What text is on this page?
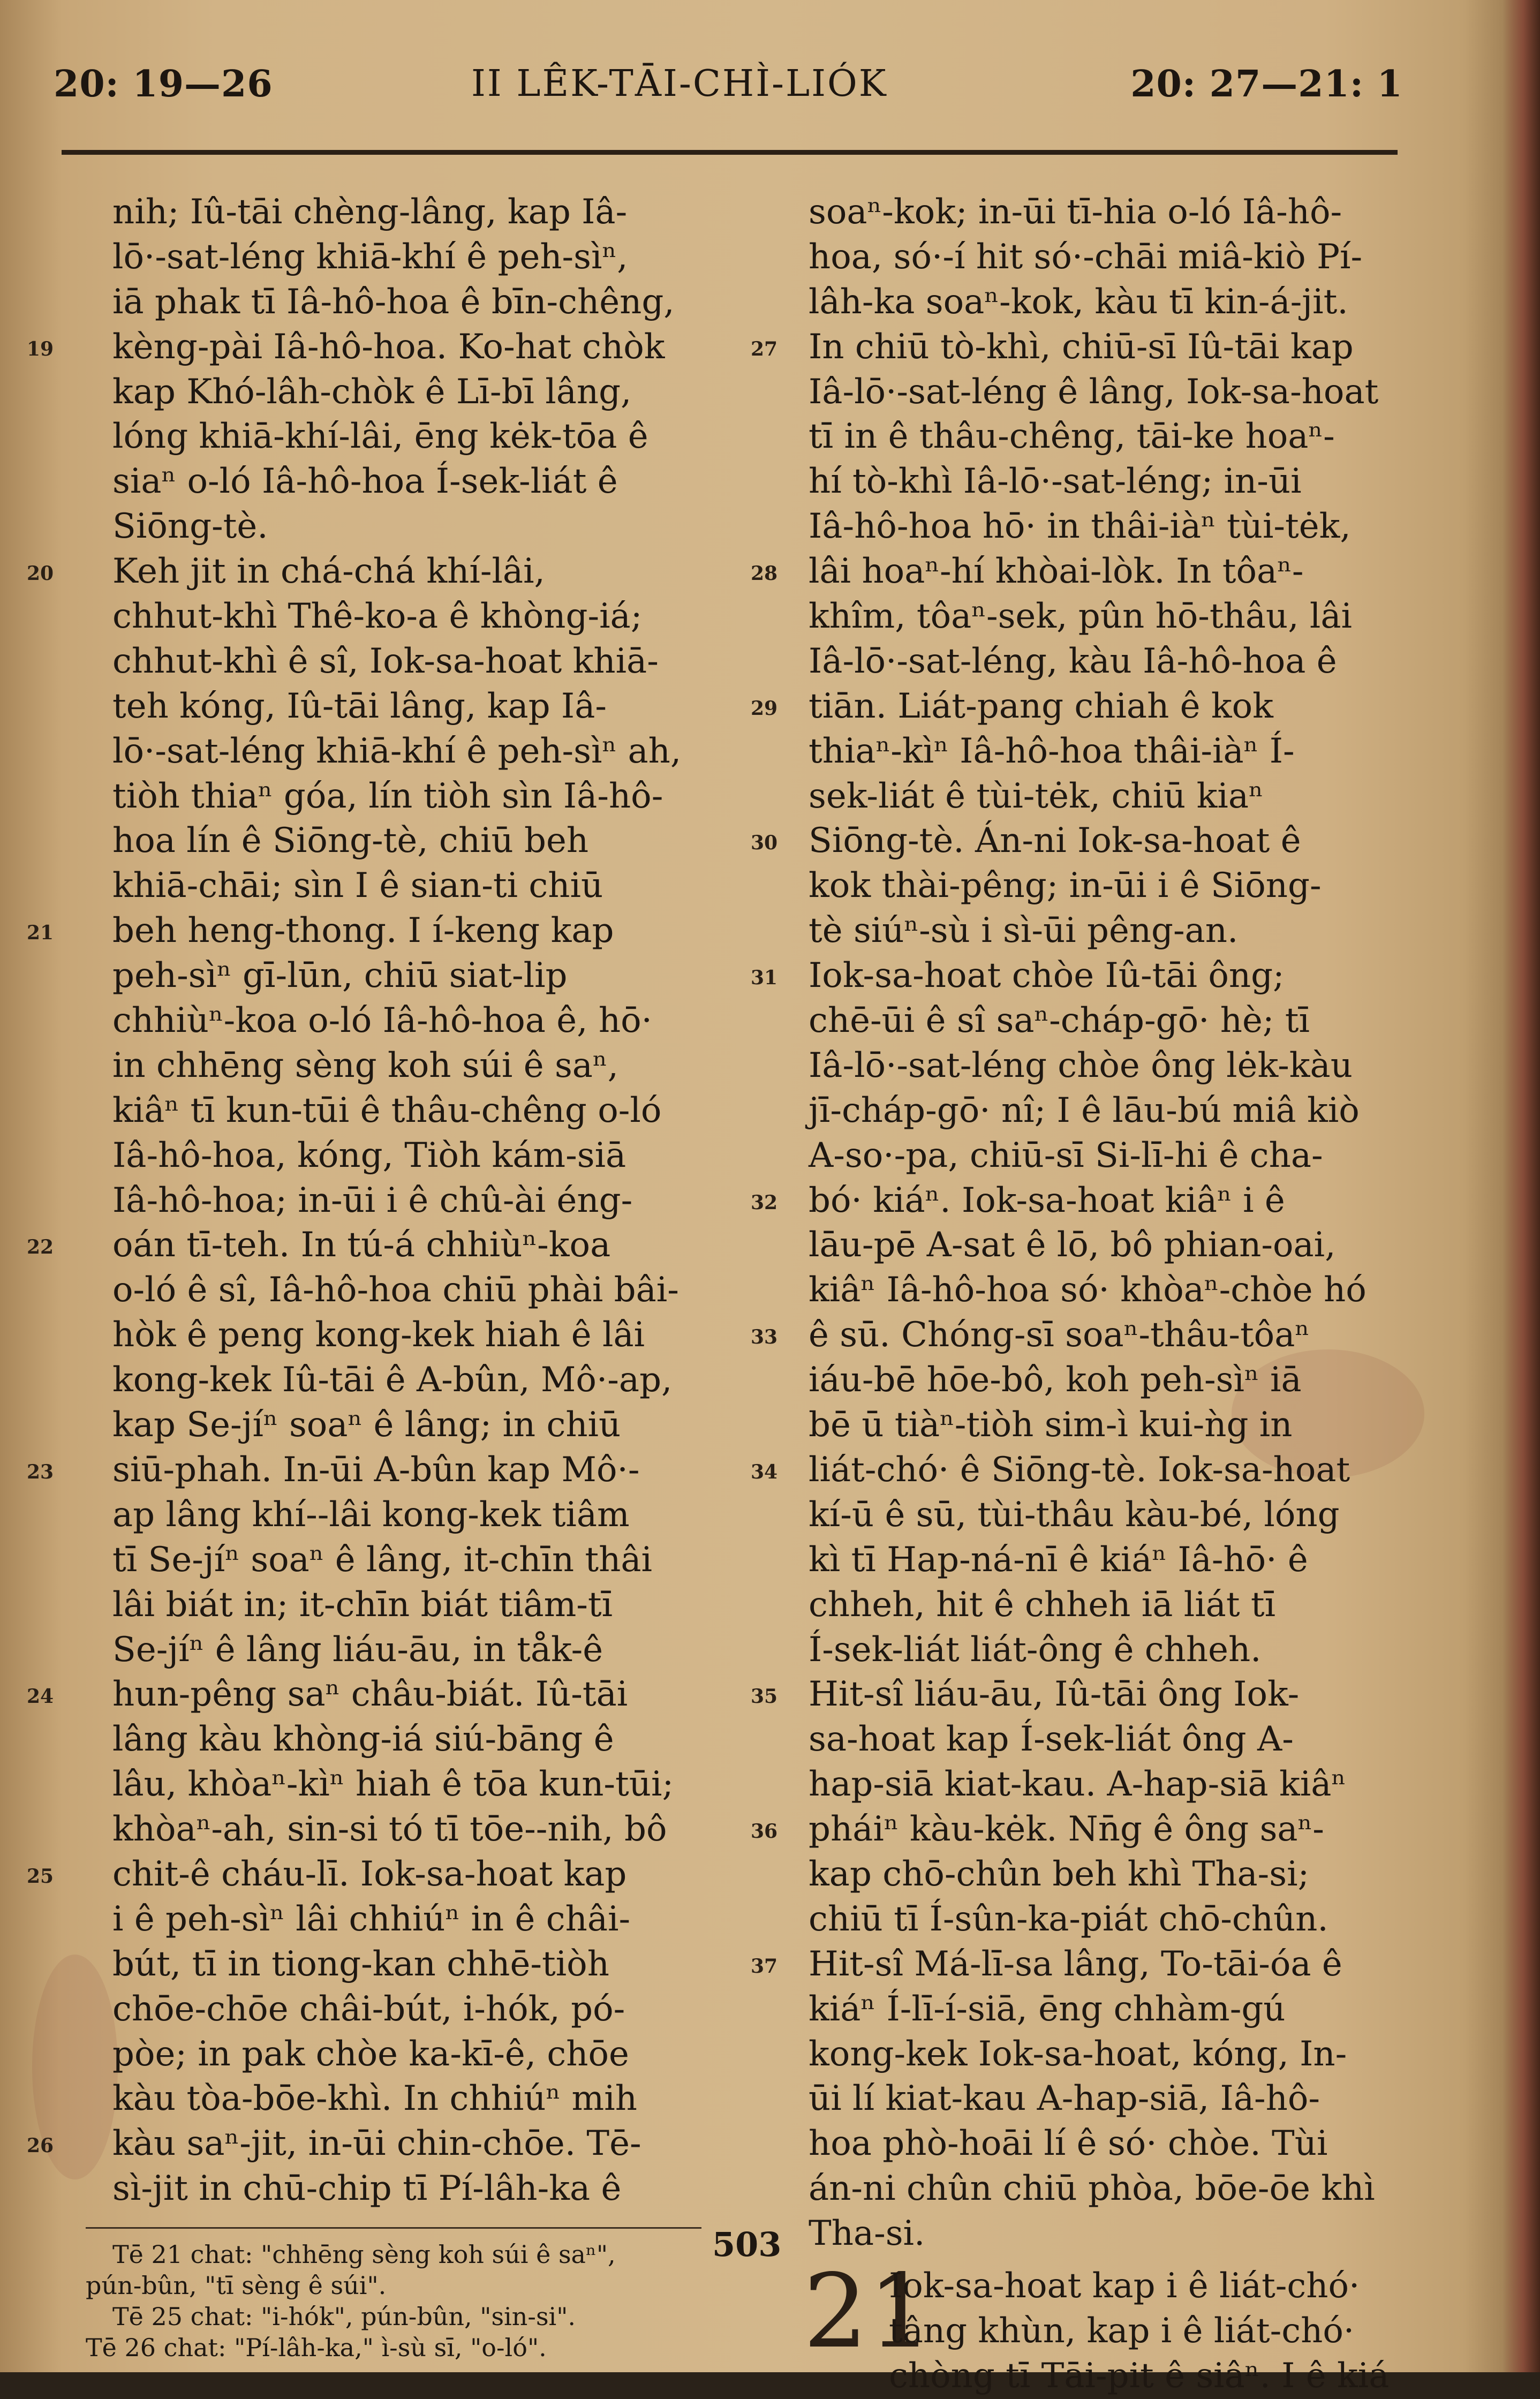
20: 19—26	II LÊK-TĀI-CHÌ-LIÓK	20: 27—21: 1
nih; Iû-tāi chèng-lâng, kap Iâ-
lō·-sat-léng khiā-khí ê peh-sìⁿ,
iā phak tī Iâ-hô-hoa ê bīn-chêng,
19 kèng-pài Iâ-hô-hoa. Ko-hat chòk
kap Khó-lâh-chòk ê Lī-bī lâng,
lóng khiā-khí-lâi, ēng kėk-tōa ê
siaⁿ o-ló Iâ-hô-hoa Í-sek-liát ê
Siōng-tè.
20 Keh jit in chá-chá khí-lâi,
chhut-khì Thê-ko-a ê khòng-iá;
chhut-khì ê sî, Iok-sa-hoat khiā-
teh kóng, Iû-tāi lâng, kap Iâ-
lō·-sat-léng khiā-khí ê peh-sìⁿ ah,
tiòh thiaⁿ góa, lín tiòh sìn Iâ-hô-
hoa lín ê Siōng-tè, chiū beh
khiā-chāi; sìn I ê sian-ti chiū
21 beh heng-thong. I í-keng kap
peh-sìⁿ gī-lūn, chiū siat-lip
chhiùⁿ-koa o-ló Iâ-hô-hoa ê, hō·
in chhēng sèng koh súi ê saⁿ,
kiâⁿ tī kun-tūi ê thâu-chêng o-ló
Iâ-hô-hoa, kóng, Tiòh kám-siā
Iâ-hô-hoa; in-ūi i ê chû-ài éng-
22 oán tī-teh. In tú-á chhiùⁿ-koa
o-ló ê sî, Iâ-hô-hoa chiū phài bâi-
hòk ê peng kong-kek hiah ê lâi
kong-kek Iû-tāi ê A-bûn, Mô·-ap,
kap Se-jíⁿ soaⁿ ê lâng; in chiū
23 siū-phah. In-ūi A-bûn kap Mô·-
ap lâng khí--lâi kong-kek tiâm
tī Se-jíⁿ soaⁿ ê lâng, it-chīn thâi
lâi biát in; it-chīn biát tiâm-tī
Se-jíⁿ ê lâng liáu-āu, in tåk-ê
24 hun-pêng saⁿ châu-biát. Iû-tāi
lâng kàu khòng-iá siú-bāng ê
lâu, khòaⁿ-kìⁿ hiah ê tōa kun-tūi;
khòaⁿ-ah, sin-si tó tī tōe--nih, bô
25 chit-ê cháu-lī. Iok-sa-hoat kap
i ê peh-sìⁿ lâi chhiúⁿ in ê châi-
bút, tī in tiong-kan chhē-tiòh
chōe-chōe châi-bút, i-hók, pó-
pòe; in pak chòe ka-kī-ê, chōe
kàu tòa-bōe-khì. In chhiúⁿ mih
26 kàu saⁿ-jit, in-ūi chin-chōe. Tē-
sì-jit in chū-chip tī Pí-lâh-ka ê
soaⁿ-kok; in-ūi tī-hia o-ló Iâ-hô-
hoa, só·-í hit só·-chāi miâ-kiò Pí-
lâh-ka soaⁿ-kok, kàu tī kin-á-jit.
27 In chiū tò-khì, chiū-sī Iû-tāi kap
Iâ-lō·-sat-léng ê lâng, Iok-sa-hoat
tī in ê thâu-chêng, tāi-ke hoaⁿ-
hí tò-khì Iâ-lō·-sat-léng; in-ūi
Iâ-hô-hoa hō· in thâi-iàⁿ tùi-tėk,
28 lâi hoaⁿ-hí khòai-lòk. In tôaⁿ-
khîm, tôaⁿ-sek, pûn hō-thâu, lâi
Iâ-lō·-sat-léng, kàu Iâ-hô-hoa ê
29 tiān. Liát-pang chiah ê kok
thiaⁿ-kìⁿ Iâ-hô-hoa thâi-iàⁿ Í-
sek-liát ê tùi-tėk, chiū kiaⁿ
30 Siōng-tè. Án-ni Iok-sa-hoat ê
kok thài-pêng; in-ūi i ê Siōng-
tè siúⁿ-sù i sì-ūi pêng-an.
31 Iok-sa-hoat chòe Iû-tāi ông;
chē-ūi ê sî saⁿ-cháp-gō· hè; tī
Iâ-lō·-sat-léng chòe ông lėk-kàu
jī-cháp-gō· nî; I ê lāu-bú miâ kiò
A-so·-pa, chiū-sī Si-lī-hi ê cha-
32 bó· kiáⁿ. Iok-sa-hoat kiâⁿ i ê
lāu-pē A-sat ê lō, bô phian-oai,
kiâⁿ Iâ-hô-hoa só· khòaⁿ-chòe hó
33 ê sū. Chóng-sī soaⁿ-thâu-tôaⁿ
iáu-bē hōe-bô, koh peh-sìⁿ iā
bē ū tiàⁿ-tiòh sim-ì kui-ǹg in
34 liát-chó· ê Siōng-tè. Iok-sa-hoat
kí-ū ê sū, tùi-thâu kàu-bé, lóng
kì tī Hap-ná-nī ê kiáⁿ Iâ-hō· ê
chheh, hit ê chheh iā liát tī
Í-sek-liát liát-ông ê chheh.
35 Hit-sî liáu-āu, Iû-tāi ông Iok-
sa-hoat kap Í-sek-liát ông A-
hap-siā kiat-kau. A-hap-siā kiâⁿ
36 pháiⁿ kàu-kėk. Nn̄g ê ông saⁿ-
kap chō-chûn beh khì Tha-si;
chiū tī Í-sûn-ka-piát chō-chûn.
37 Hit-sî Má-lī-sa lâng, To-tāi-óa ê
kiáⁿ Í-lī-í-siā, ēng chhàm-gú
kong-kek Iok-sa-hoat, kóng, In-
ūi lí kiat-kau A-hap-siā, Iâ-hô-
hoa phò-hoāi lí ê só· chòe. Tùi
án-ni chûn chiū phòa, bōe-ōe khì
Tha-si.
21
Iok-sa-hoat kap i ê liát-chó·
tâng khùn, kap i ê liát-chó·
chòng tī Tāi-pit ê siâⁿ. I ê kiá
503
Tē 21 chat: "chhēng sèng koh súi ê saⁿ",
pún-bûn, "tī sèng ê súi".
Tē 25 chat: "i-hók", pún-bûn, "sin-si".
Tē 26 chat: "Pí-lâh-ka," ì-sù sī, "o-ló".
